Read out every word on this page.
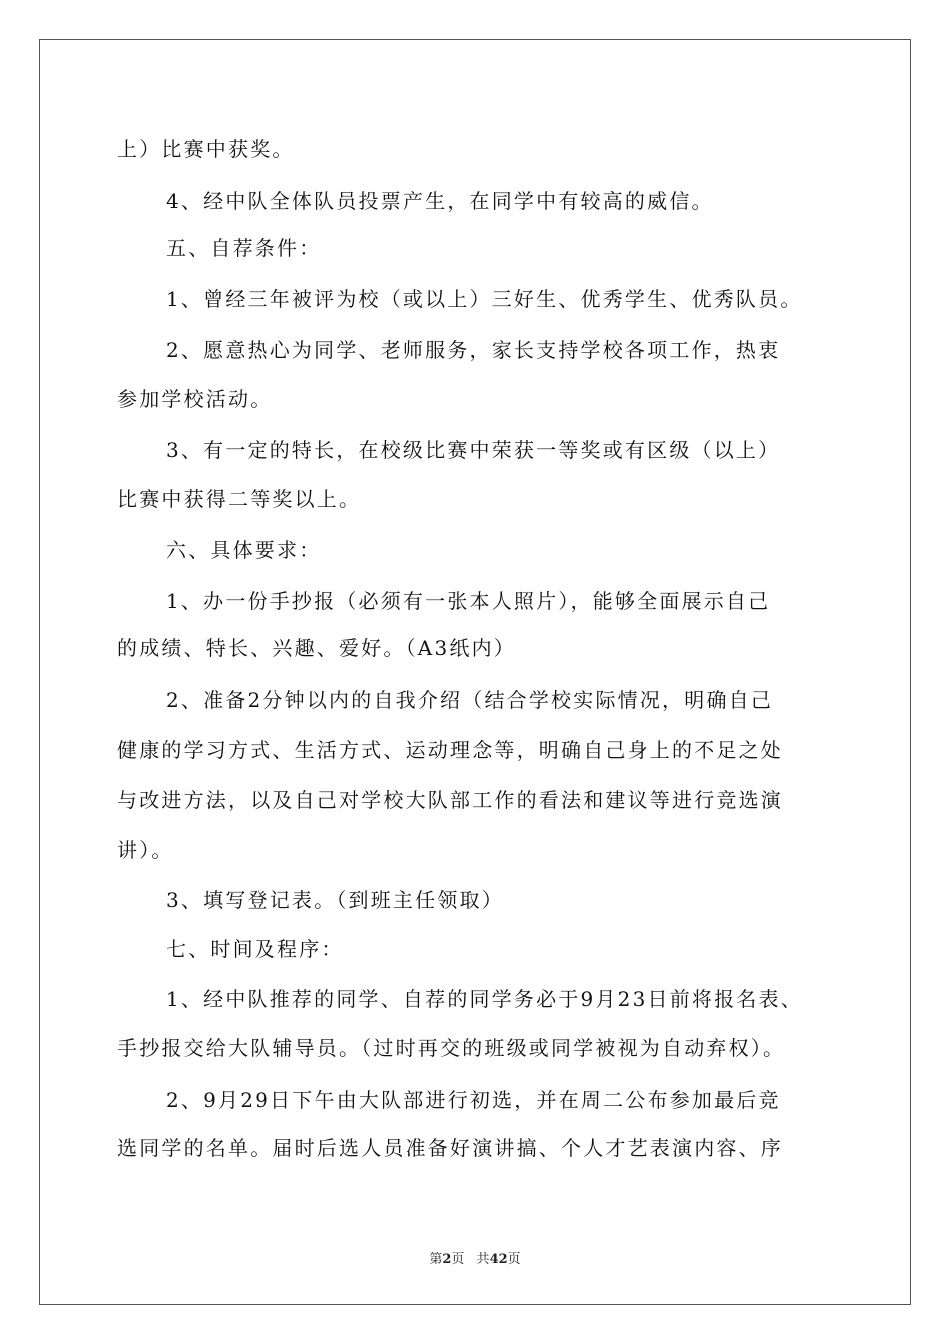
上）比赛中获奖。
4、经中队全体队员投票产生，在同学中有较高的威信。
五、自荐条件：
1、曾经三年被评为校（或以上）三好生、优秀学生、优秀队员。
2、愿意热心为同学、老师服务，家长支持学校各项工作，热衷
参加学校活动。
3、有一定的特长，在校级比赛中荣获一等奖或有区级（以上）
比赛中获得二等奖以上。
六、具体要求：
1、办一份手抄报（必须有一张本人照片），能够全面展示自己
的成绩、特长、兴趣、爱好。（A3纸内）
2、准备2分钟以内的自我介绍（结合学校实际情况，明确自己
健康的学习方式、生活方式、运动理念等，明确自己身上的不足之处
与改进方法，以及自己对学校大队部工作的看法和建议等进行竞选演
讲）。
3、填写登记表。（到班主任领取）
七、时间及程序：
1、经中队推荐的同学、自荐的同学务必于9月23日前将报名表、
手抄报交给大队辅导员。（过时再交的班级或同学被视为自动弃权）。
2、9月29日下午由大队部进行初选，并在周二公布参加最后竞
选同学的名单。届时后选人员准备好演讲搞、个人才艺表演内容、序
第2页 共42页
